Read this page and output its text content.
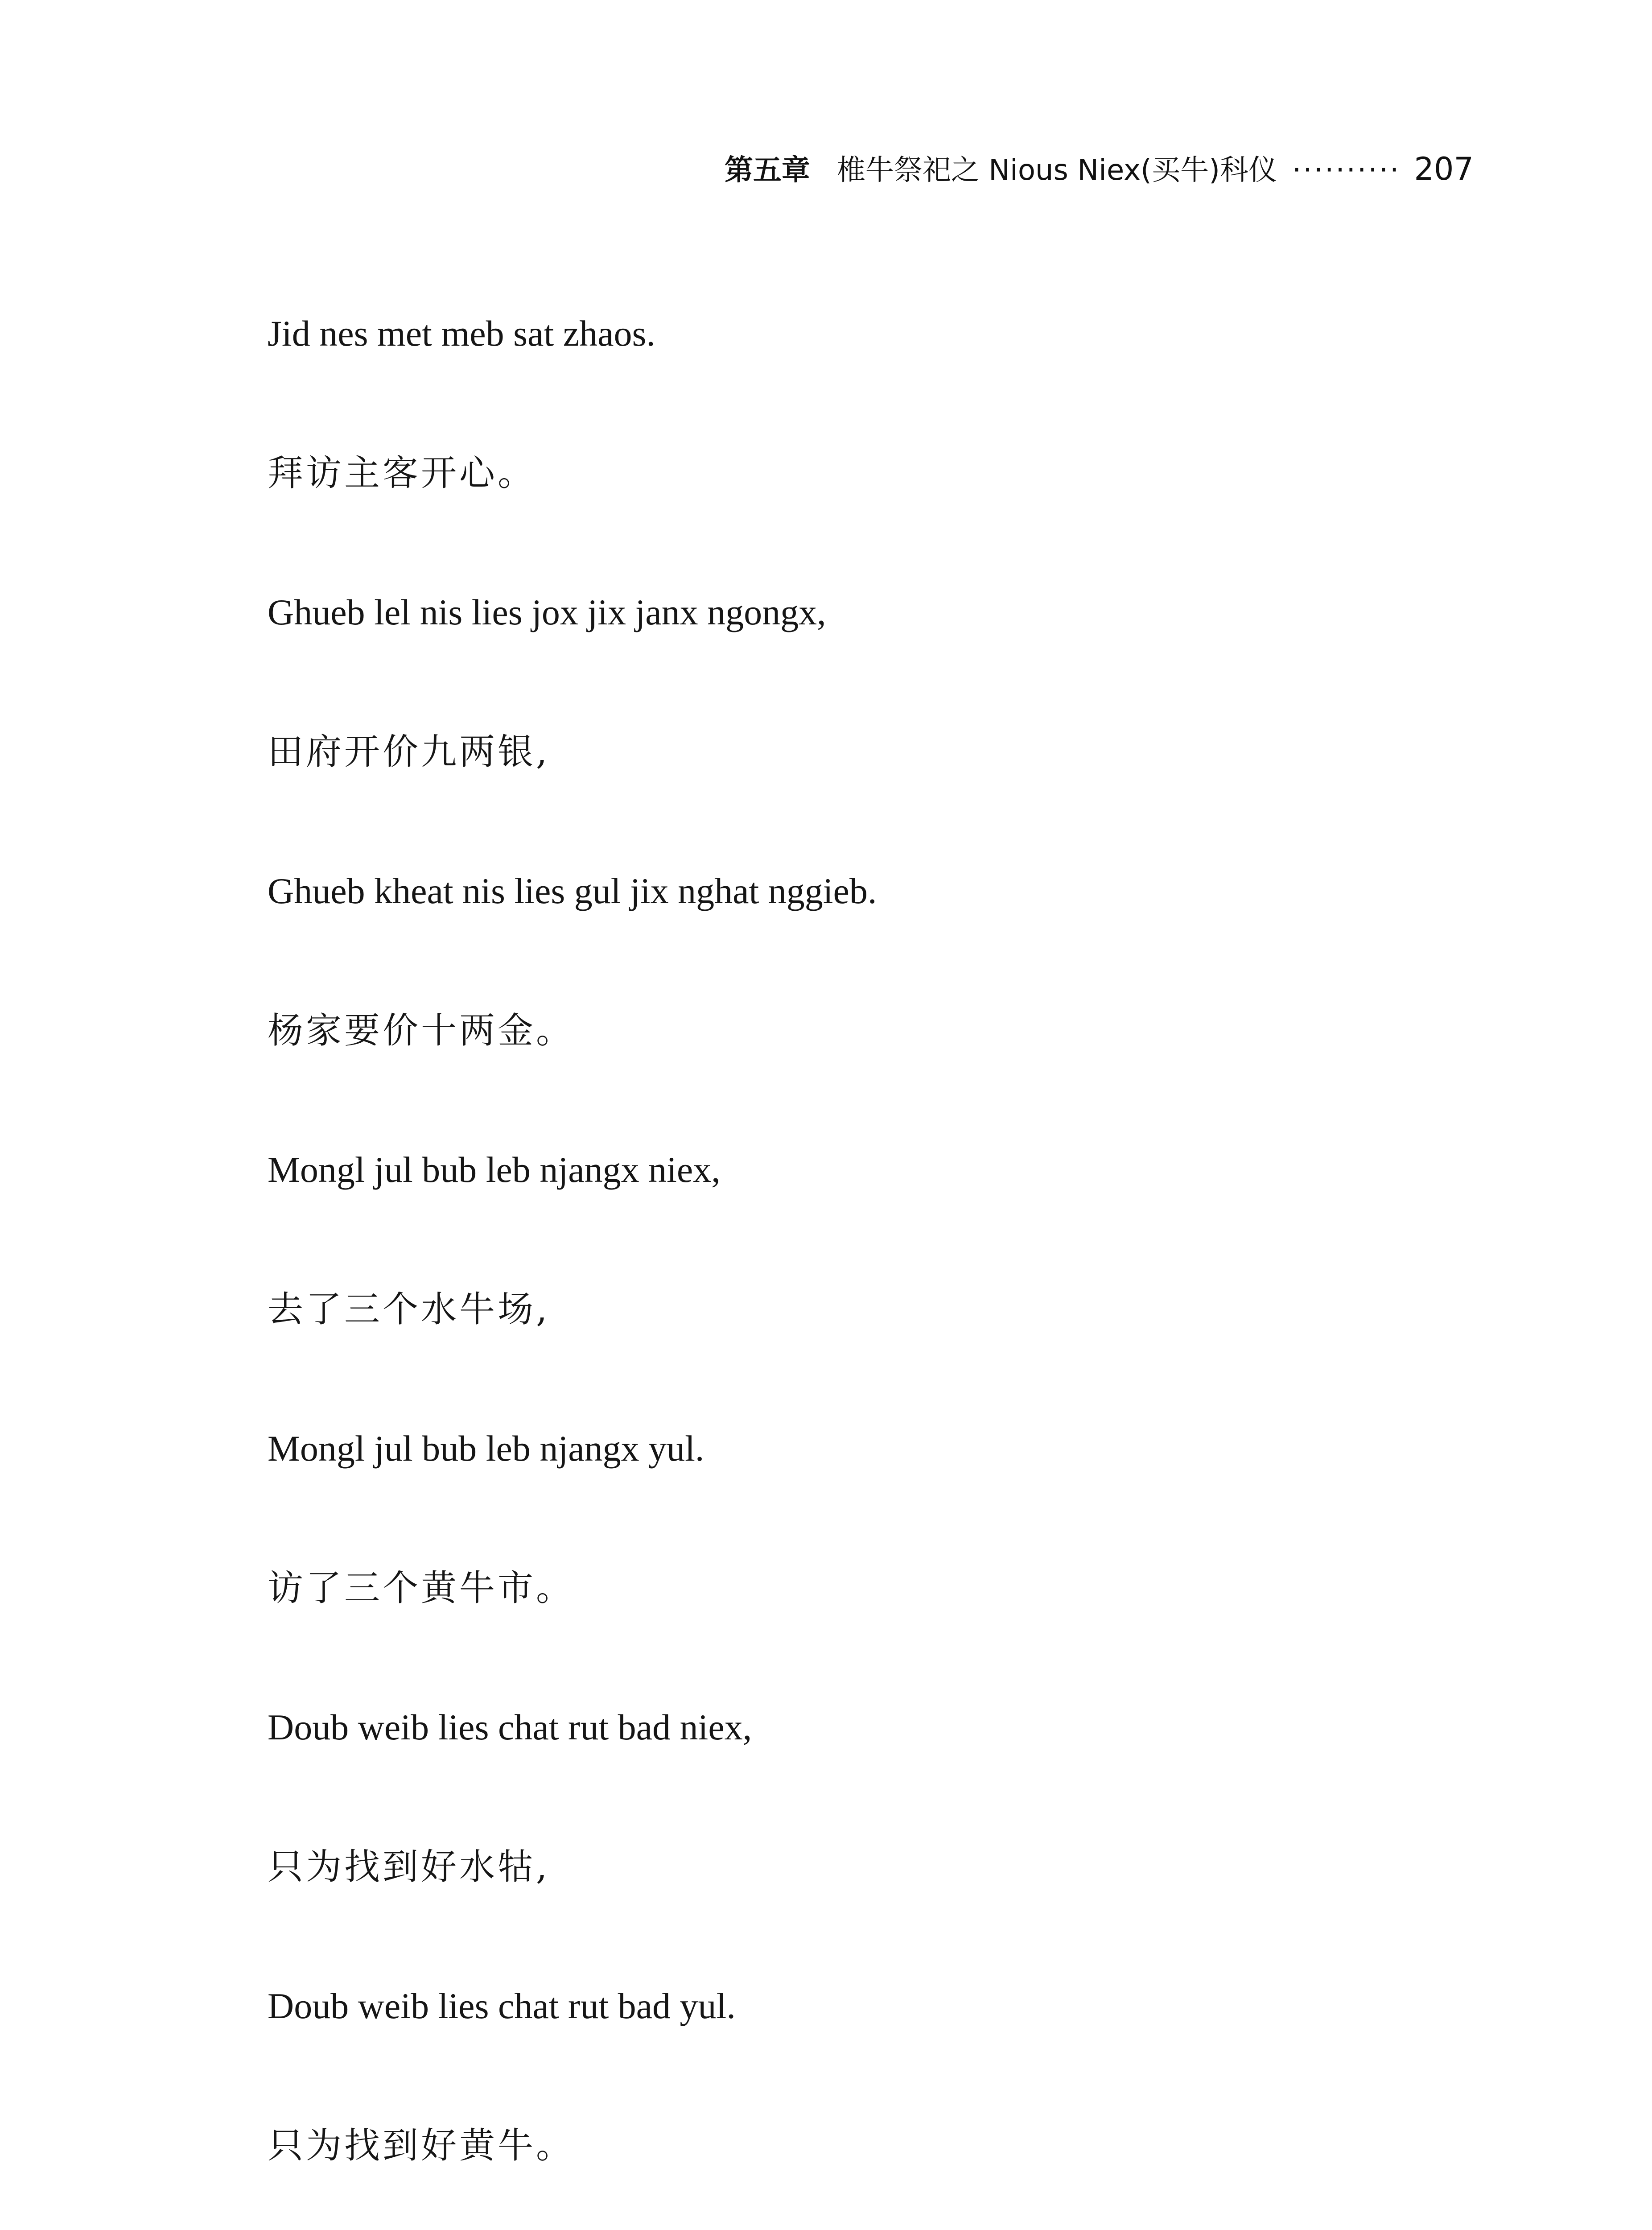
第五章 椎牛祭祀之 Nious Niex(买牛)科仪 ·········· 207
Jid nes met meb sat zhaos.
拜访主客开心。
Ghueb lel nis lies jox jix janx ngongx,
田府开价九两银,
Ghueb kheat nis lies gul jix nghat nggieb.
杨家要价十两金。
Mongl jul bub leb njangx niex,
去了三个水牛场,
Mongl jul bub leb njangx yul.
访了三个黄牛市。
Doub weib lies chat rut bad niex,
只为找到好水牯,
Doub weib lies chat rut bad yul.
只为找到好黄牛。
